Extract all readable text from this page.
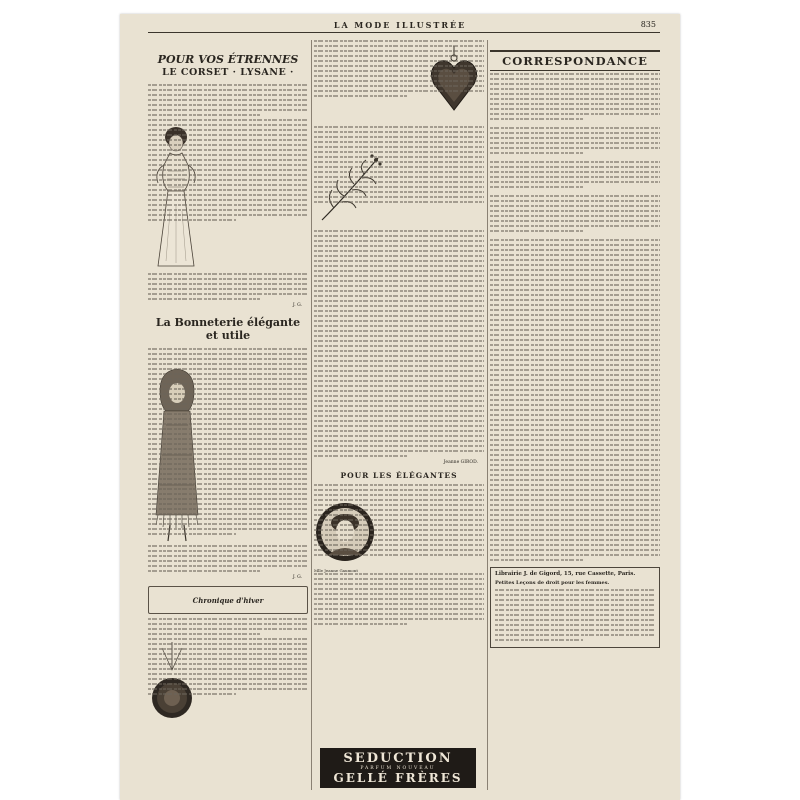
LA MODE ILLUSTRÉE	835
POUR VOS ÉTRENNES
LE CORSET · LYSANE ·
J. G.
La Bonneterie élégante et utile
J. G.
Chronique d'hiver
Jeanne GIROD.
POUR LES ÉLÉGANTES
Mlle Jeanne Gaumont
SEDUCTION
PARFUM NOUVEAU
GELLÉ FRÈRES
CORRESPONDANCE
Librairie J. de Gigord, 15, rue Cassette, Paris.
Petites Leçons de droit pour les femmes.
